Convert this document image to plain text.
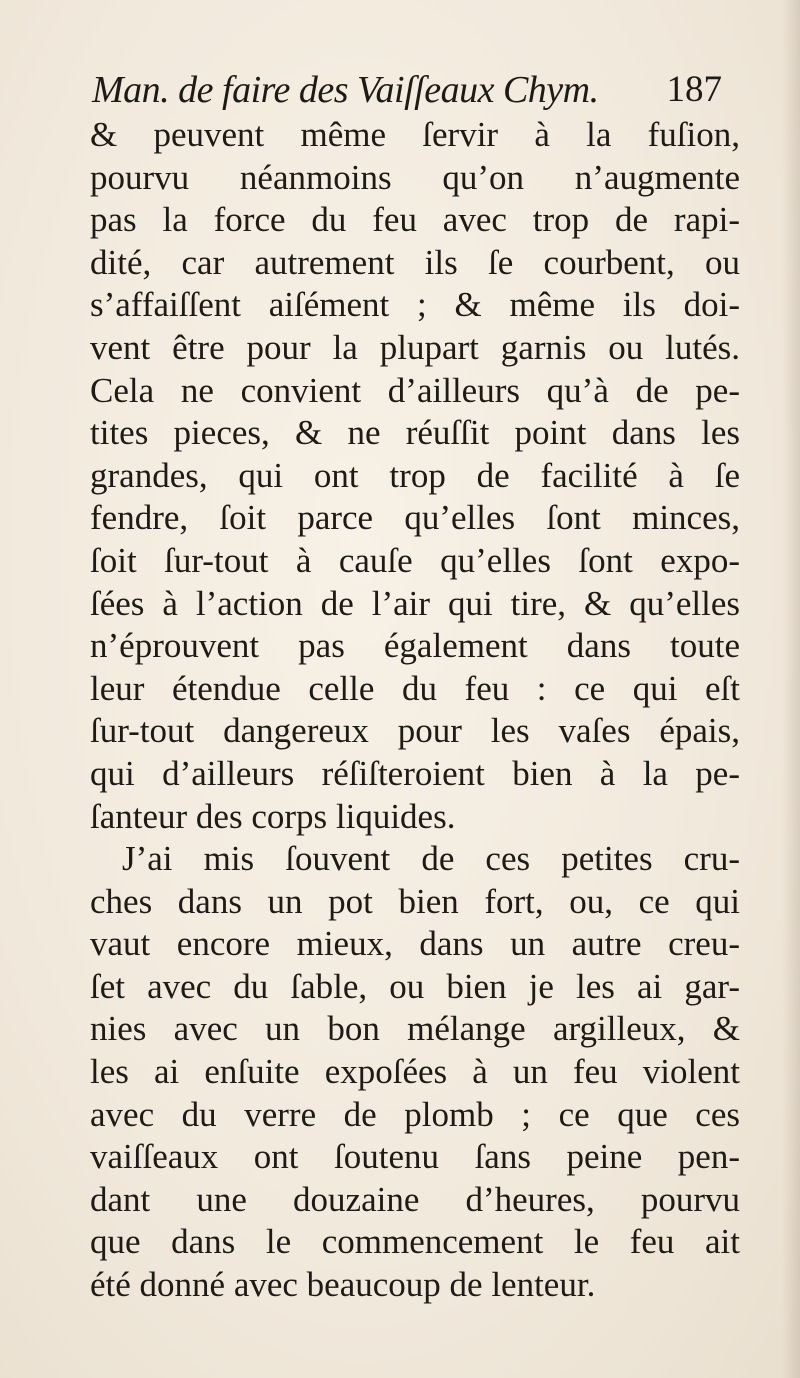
Man. de faire des Vaiſſeaux Chym. 187
& peuvent même ſervir à la fuſion,
pourvu néanmoins qu’on n’augmente
pas la force du feu avec trop de rapi-
dité, car autrement ils ſe courbent, ou
s’affaiſſent aiſément ; & même ils doi-
vent être pour la plupart garnis ou lutés.
Cela ne convient d’ailleurs qu’à de pe-
tites pieces, & ne réuſſit point dans les
grandes, qui ont trop de facilité à ſe
fendre, ſoit parce qu’elles ſont minces,
ſoit ſur-tout à cauſe qu’elles ſont expo-
ſées à l’action de l’air qui tire, & qu’elles
n’éprouvent pas également dans toute
leur étendue celle du feu : ce qui eſt
ſur-tout dangereux pour les vaſes épais,
qui d’ailleurs réſiſteroient bien à la pe-
ſanteur des corps liquides.
J’ai mis ſouvent de ces petites cru-
ches dans un pot bien fort, ou, ce qui
vaut encore mieux, dans un autre creu-
ſet avec du ſable, ou bien je les ai gar-
nies avec un bon mélange argilleux, &
les ai enſuite expoſées à un feu violent
avec du verre de plomb ; ce que ces
vaiſſeaux ont ſoutenu ſans peine pen-
dant une douzaine d’heures, pourvu
que dans le commencement le feu ait
été donné avec beaucoup de lenteur.
